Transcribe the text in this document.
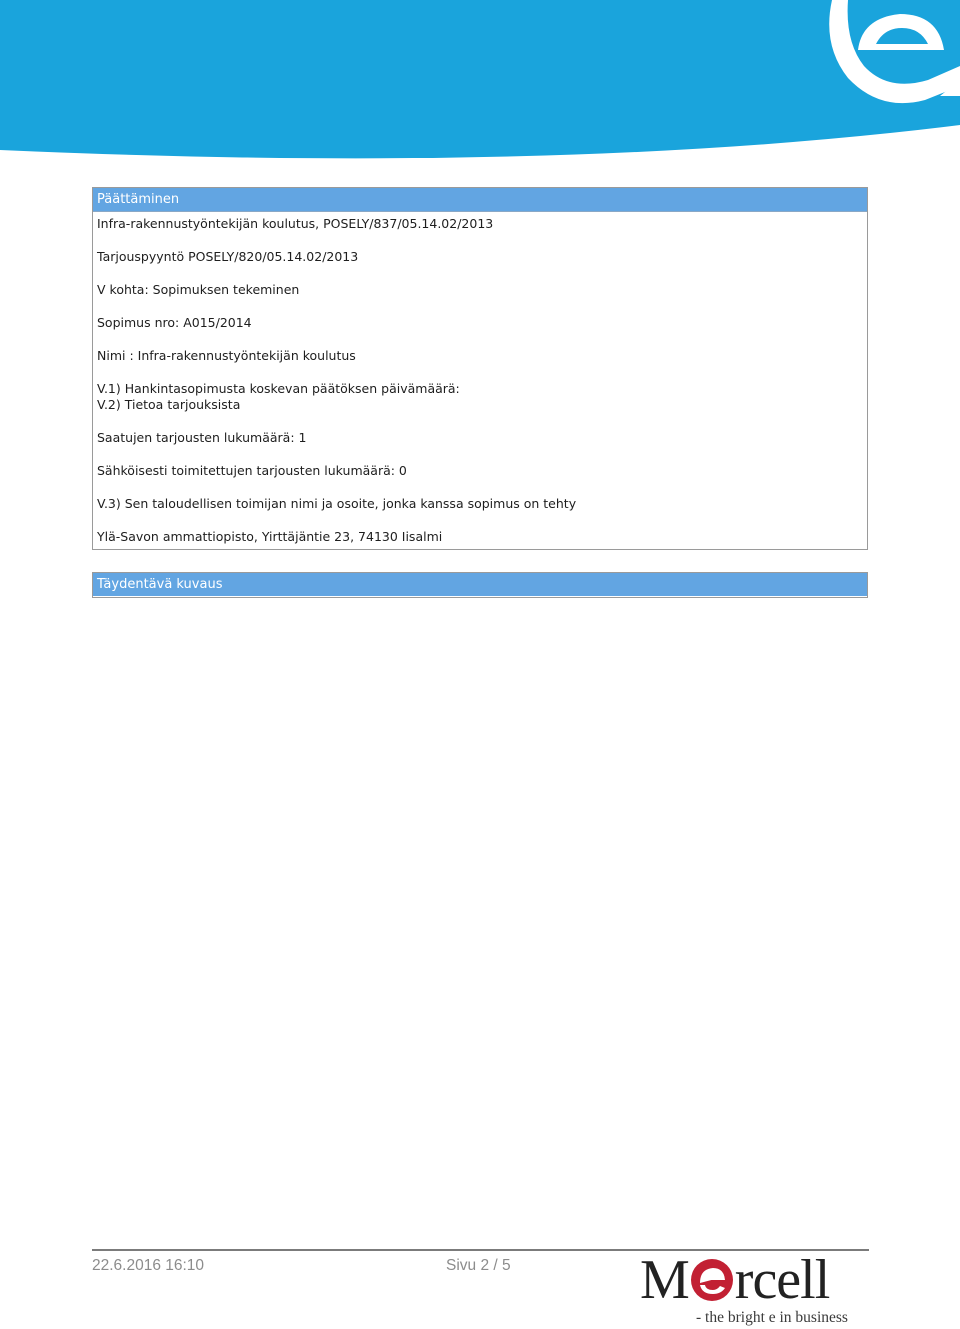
Päättäminen
Infra-rakennustyöntekijän koulutus, POSELY/837/05.14.02/2013
Tarjouspyyntö POSELY/820/05.14.02/2013
V kohta: Sopimuksen tekeminen
Sopimus nro: A015/2014
Nimi : Infra-rakennustyöntekijän koulutus
V.1) Hankintasopimusta koskevan päätöksen päivämäärä:
V.2) Tietoa tarjouksista
Saatujen tarjousten lukumäärä: 1
Sähköisesti toimitettujen tarjousten lukumäärä: 0
V.3) Sen taloudellisen toimijan nimi ja osoite, jonka kanssa sopimus on tehty
Ylä-Savon ammattiopisto, Yirttäjäntie 23, 74130 Iisalmi
Täydentävä kuvaus
22.6.2016 16:10	Sivu 2 / 5 M rcell
- the bright e in business
